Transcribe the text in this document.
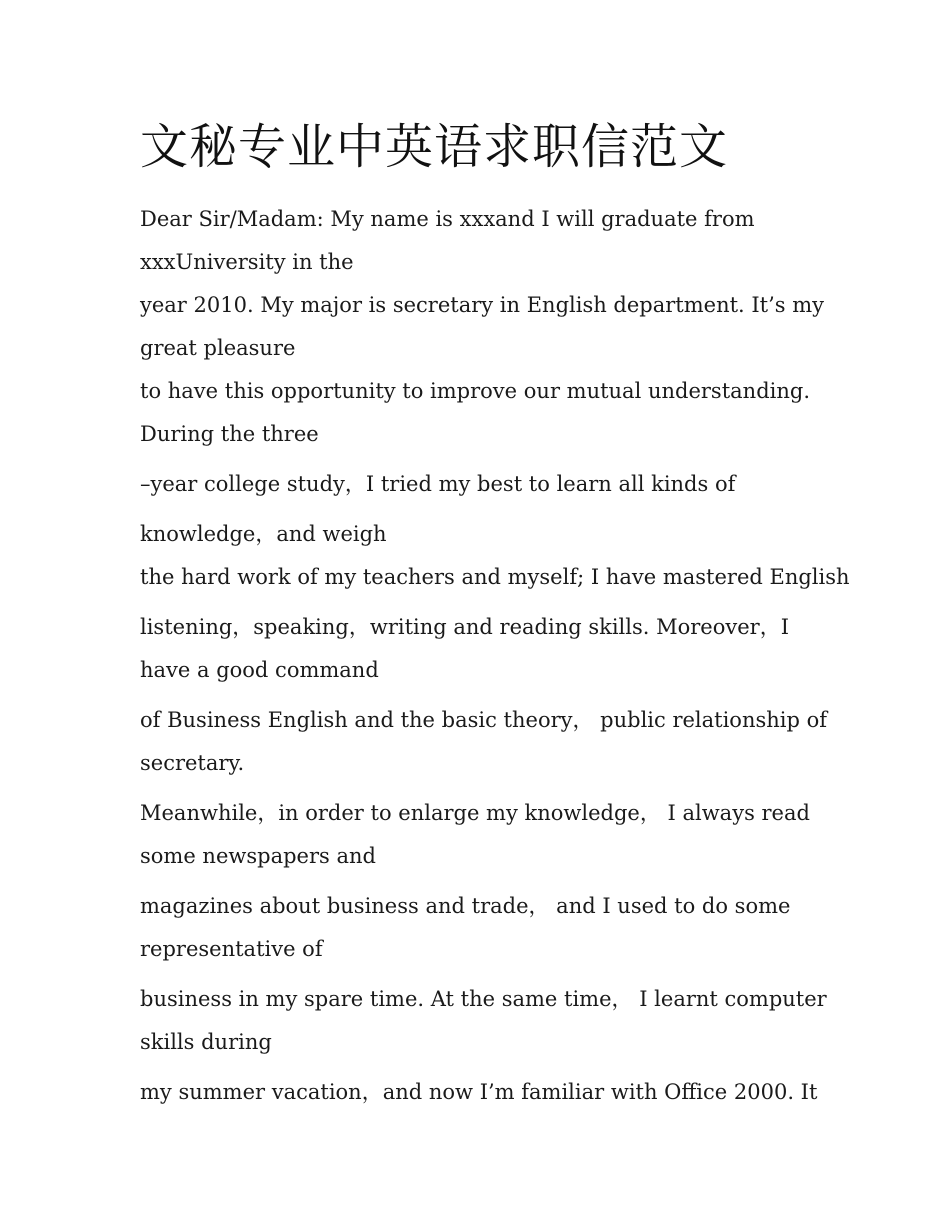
文秘专业中英语求职信范文

Dear Sir/Madam: My name is xxxand I will graduate from

xxxUniversity in the

year 2010. My major is secretary in English department. It’s my

great pleasure

to have this opportunity to improve our mutual understanding.

During the three

–year college study，I tried my best to learn all kinds of

knowledge，and weigh

the hard work of my teachers and myself; I have mastered English

listening，speaking，writing and reading skills. Moreover，I

have a good command

of Business English and the basic theory， public relationship of

secretary.

Meanwhile，in order to enlarge my knowledge， I always read

some newspapers and

magazines about business and trade， and I used to do some

representative of

business in my spare time. At the same time， I learnt computer

skills during

my summer vacation，and now I’m familiar with Office 2000. It
